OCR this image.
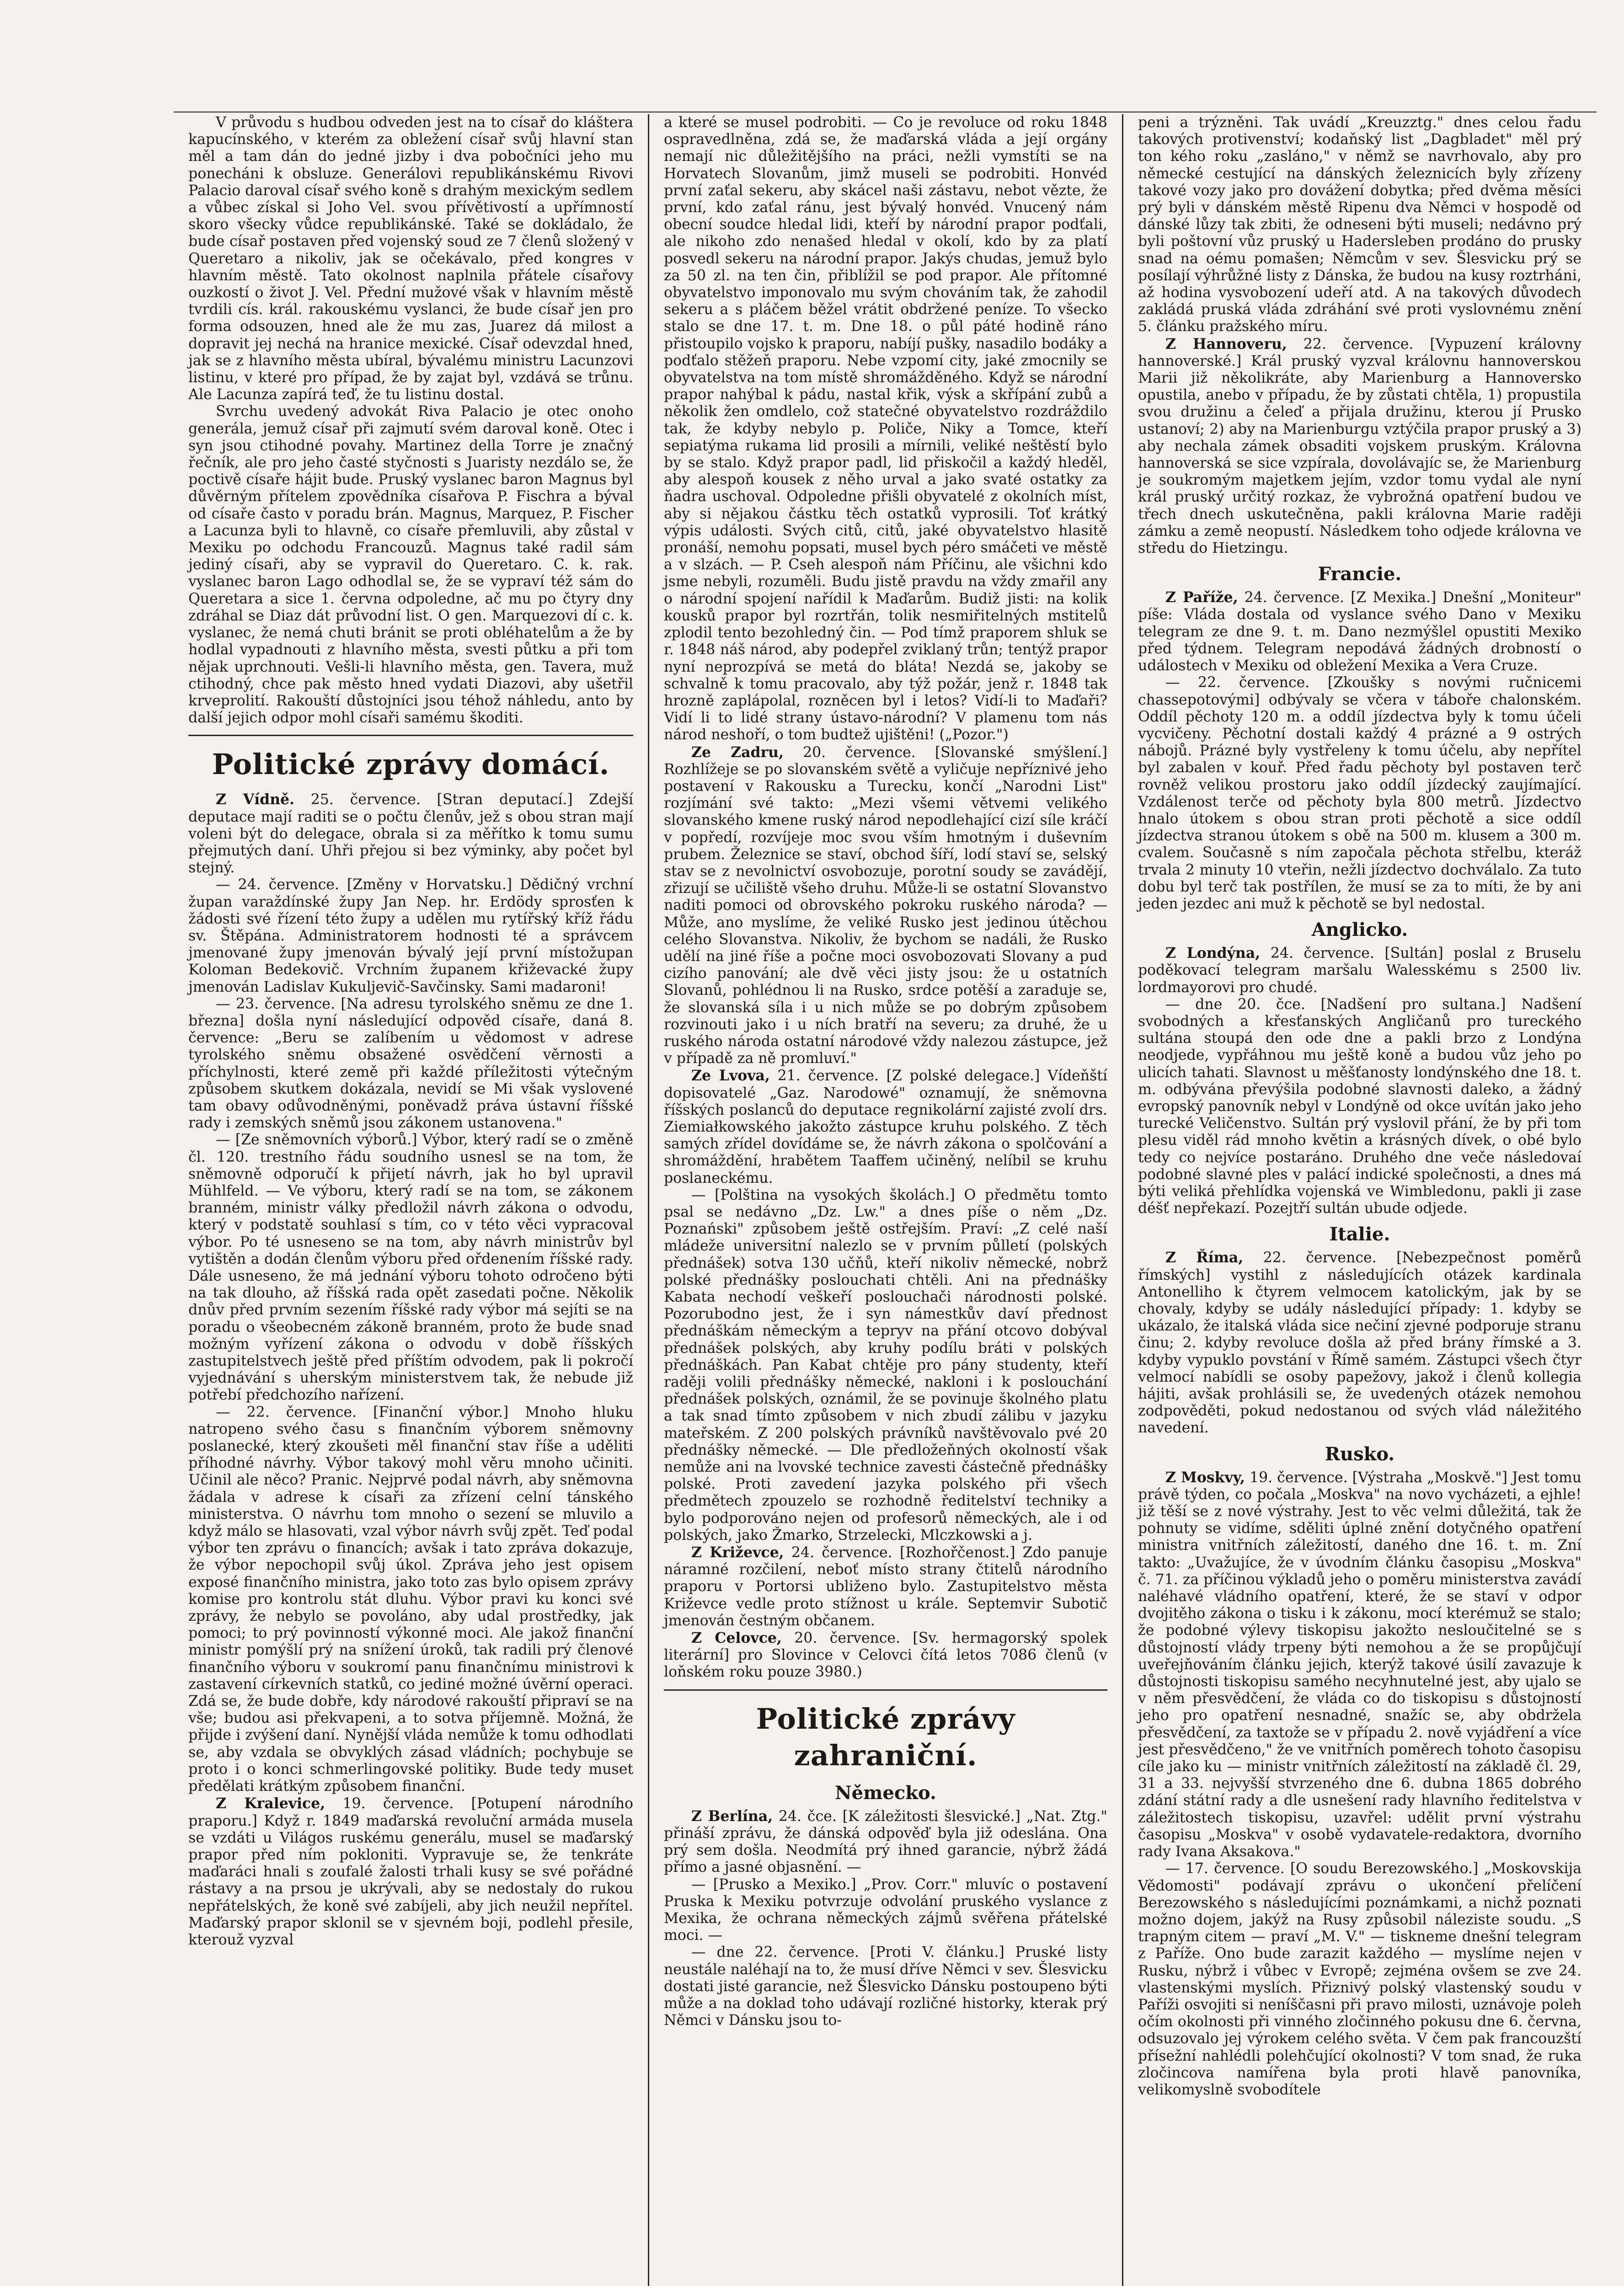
V průvodu s hudbou odveden jest na to císař do kláštera kapucínského, v kterém za obležení císař svůj hlavní stan měl a tam dán do jedné jizby i dva pobočníci jeho mu ponecháni k obsluze. Generálovi republikánskému Rivovi Palacio daroval císař svého koně s drahým mexickým sedlem a vůbec získal si Joho Vel. svou přívětivostí a upřímností skoro všecky vůdce republikánské. Také se dokládalo, že bude císař postaven před vojenský soud ze 7 členů složený v Queretaro a nikoliv, jak se očekávalo, před kongres v hlavním městě. Tato okolnost naplnila přátele císařovy ouzkostí o život J. Vel. Přední mužové však v hlavním městě tvrdili cís. král. rakouskému vyslanci, že bude císař jen pro forma odsouzen, hned ale že mu zas, Juarez dá milost a dopravit jej nechá na hranice mexické. Císař odevzdal hned, jak se z hlavního města ubíral, bývalému ministru Lacunzovi listinu, v které pro případ, že by zajat byl, vzdává se trůnu. Ale Lacunza zapírá teď, že tu listinu dostal.

Svrchu uvedený advokát Riva Palacio je otec onoho generála, jemuž císař při zajmutí svém daroval koně. Otec i syn jsou ctihodné povahy. Martinez della Torre je značný řečník, ale pro jeho časté styčnosti s Juaristy nezdálo se, že poctivě císaře hájit bude. Pruský vyslanec baron Magnus byl důvěrným přítelem zpovědníka císařova P. Fischra a býval od císaře často v poradu brán. Magnus, Marquez, P. Fischer a Lacunza byli to hlavně, co císaře přemluvili, aby zůstal v Mexiku po odchodu Francouzů. Magnus také radil sám jediný císaři, aby se vypravil do Queretaro. C. k. rak. vyslanec baron Lago odhodlal se, že se vypraví též sám do Queretara a sice 1. června odpoledne, ač mu po čtyry dny zdráhal se Diaz dát průvodní list. O gen. Marquezovi dí c. k. vyslanec, že nemá chuti bránit se proti obléhatelům a že by hodlal vypadnouti z hlavního města, svesti půtku a při tom nějak uprchnouti. Vešli-li hlavního města, gen. Tavera, muž ctihodný, chce pak město hned vydati Diazovi, aby ušetřil krveprolití. Rakouští důstojníci jsou téhož náhledu, anto by další jejich odpor mohl císaři samému škoditi.

Politické zprávy domácí.

Z Vídně. 25. července. [Stran deputací.] Zdejší deputace mají raditi se o počtu členův, jež s obou stran mají voleni být do delegace, obrala si za měřítko k tomu sumu přejmutých daní. Uhři přejou si bez výminky, aby počet byl stejný.

— 24. července. [Změny v Horvatsku.] Dědičný vrchní župan varaždínské župy Jan Nep. hr. Erdödy sprosťen k žádosti své řízení této župy a udělen mu rytířský kříž řádu sv. Štěpána. Administratorem hodnosti té a správcem jmenované župy jmenován bývalý její první místožupan Koloman Bedekovič. Vrchním županem křiževacké župy jmenován Ladislav Kukuljevič-Savčinsky. Sami madaroni!

— 23. července. [Na adresu tyrolského sněmu ze dne 1. března] došla nyní následující odpověd císaře, daná 8. července: „Beru se zalíbením u vědomost v adrese tyrolského sněmu obsažené osvědčení věrnosti a příchylnosti, které země při každé příležitosti výtečným způsobem skutkem dokázala, nevidí se Mi však vyslovené tam obavy odůvodněnými, poněvadž práva ústavní říšské rady i zemských sněmů jsou zákonem ustanovena."

— [Ze sněmovních výborů.] Výbor, který radí se o změně čl. 120. trestního řádu soudního usnesl se na tom, že sněmovně odporučí k přijetí návrh, jak ho byl upravil Mühlfeld. — Ve výboru, který radí se na tom, se zákonem branném, ministr války předložil návrh zákona o odvodu, který v podstatě souhlasí s tím, co v této věci vypracoval výbor. Po té usneseno se na tom, aby návrh ministrův byl vytištěn a dodán členům výboru před ořdenením říšské rady. Dále usneseno, že má jednání výboru tohoto odročeno býti na tak dlouho, až říšská rada opět zasedati počne. Několik dnův před prvním sezením říšské rady výbor má sejíti se na poradu o všeobecném zákoně branném, proto že bude snad možným vyřízení zákona o odvodu v době říšských zastupitelstvech ještě před příštím odvodem, pak li pokročí vyjednávání s uherským ministerstvem tak, že nebude již potřebí předchozího nařízení.

— 22. července. [Finanční výbor.] Mnoho hluku natropeno svého času s finančním výborem sněmovny poslanecké, který zkoušeti měl finanční stav říše a uděliti příhodné návrhy. Výbor takový mohl věru mnoho učiniti. Učinil ale něco? Pranic. Nejprvé podal návrh, aby sněmovna žádala v adrese k císaři za zřízení celní tánského ministerstva. O návrhu tom mnoho o sezení se mluvilo a když málo se hlasovati, vzal výbor návrh svůj zpět. Teď podal výbor ten zprávu o financích; avšak i tato zpráva dokazuje, že výbor nepochopil svůj úkol. Zpráva jeho jest opisem exposé finančního ministra, jako toto zas bylo opisem zprávy komise pro kontrolu stát dluhu. Výbor pravi ku konci své zprávy, že nebylo se povoláno, aby udal prostředky, jak pomoci; to prý povinností výkonné moci. Ale jakož finanční ministr pomýšlí prý na snížení úroků, tak radili prý členové finančního výboru v soukromí panu finančnímu ministrovi k zastavení církevních statků, co jediné možné úvěrní operaci. Zdá se, že bude dobře, kdy národové rakouští připraví se na vše; budou asi překvapeni, a to sotva příjemně. Možná, že přijde i zvýšení daní. Nynější vláda nemůže k tomu odhodlati se, aby vzdala se obvyklých zásad vládních; pochybuje se proto i o konci schmerlingovské politiky. Bude tedy muset předělati krátkým způsobem finanční.

Z Kralevice, 19. července. [Potupení národního praporu.] Když r. 1849 maďarská revoluční armáda musela se vzdáti u Világos ruskému generálu, musel se maďarský prapor před ním pokloniti. Vypravuje se, že tenkráte maďaráci hnali s zoufalé žalosti trhali kusy se své pořádné rástavy a na prsou je ukrývali, aby se nedostaly do rukou nepřátelských, že koně své zabíjeli, aby jich neužil nepřítel. Maďarský prapor sklonil se v sjevném boji, podlehl přesile, kterouž vyzval

a které se musel podrobiti. — Co je revoluce od roku 1848 ospravedlněna, zdá se, že maďarská vláda a její orgány nemají nic důležitějšího na práci, nežli vymstíti se na Horvatech Slovanům, jimž museli se podrobiti. Honvéd první zaťal sekeru, aby skácel naši zástavu, nebot vězte, že první, kdo zaťal ránu, jest bývalý honvéd. Vnucený nám obecní soudce hledal lidi, kteří by národní prapor podťali, ale nikoho zdo nenašed hledal v okolí, kdo by za platí posvedl sekeru na národní prapor. Jakýs chudas, jemuž bylo za 50 zl. na ten čin, přiblížil se pod prapor. Ale přítomné obyvatelstvo imponovalo mu svým chováním tak, že zahodil sekeru a s pláčem běžel vrátit obdržené peníze. To všecko stalo se dne 17. t. m. Dne 18. o půl páté hodině ráno přistoupilo vojsko k praporu, nabíjí pušky, nasadilo bodáky a podťalo stěžeň praporu. Nebe vzpomí city, jaké zmocnily se obyvatelstva na tom místě shromážděného. Když se národní prapor nahýbal k pádu, nastal křik, výsk a skřípání zubů a několik žen omdlelo, což statečné obyvatelstvo rozdráždilo tak, že kdyby nebylo p. Poliče, Niky a Tomce, kteří sepiatýma rukama lid prosili a mírnili, veliké neštěstí bylo by se stalo. Když prapor padl, lid přiskočil a každý hleděl, aby alespoň kousek z něho urval a jako svaté ostatky za ňadra uschoval. Odpoledne přišli obyvatelé z okolních míst, aby si nějakou částku těch ostatků vyprosili. Toť krátký výpis události. Svých citů, citů, jaké obyvatelstvo hlasitě pronáší, nemohu popsati, musel bych péro smáčeti ve městě a v slzách. — P. Cseh alespoň nám Příčinu, ale všichni kdo jsme nebyli, rozuměli. Budu jistě pravdu na vždy zmařil any o národní spojení nařídil k Maďarům. Budiž jisti: na kolik kousků prapor byl rozrtřán, tolik nesmiřitelných mstitelů zplodil tento bezohledný čin. — Pod tímž praporem shluk se r. 1848 náš národ, aby podepřel zviklaný trůn; tentýž prapor nyní neprozpívá se metá do bláta! Nezdá se, jakoby se schvalně k tomu pracovalo, aby týž požár, jenž r. 1848 tak hrozně zaplápolal, rozněcen byl i letos? Vidí-li to Maďaři? Vidí li to lidé strany ústavo-národní? V plamenu tom nás národ neshoří, o tom budtež ujištěni! („Pozor.")

Ze Zadru, 20. července. [Slovanské smýšlení.] Rozhlížeje se po slovanském světě a vyličuje nepříznivé jeho postavení v Rakousku a Turecku, končí „Narodni List" rozjímání své takto: „Mezi všemi větvemi velikého slovanského kmene ruský národ nepodlehající cizí síle kráčí v popředí, rozvíjeje moc svou vším hmotným i duševním prubem. Železnice se staví, obchod šíří, lodí staví se, selský stav se z nevolnictví osvobozuje, porotní soudy se zavádějí, zřizují se učiliště všeho druhu. Může-li se ostatní Slovanstvo naditi pomoci od obrovského pokroku ruského národa? — Může, ano myslíme, že veliké Rusko jest jedinou útěchou celého Slovanstva. Nikoliv, že bychom se nadáli, že Rusko udělí na jiné říše a počne moci osvobozovati Slovany a pud cizího panování; ale dvě věci jisty jsou: že u ostatních Slovanů, pohlédnou li na Rusko, srdce potěší a zaraduje se, že slovanská síla i u nich může se po dobrým způsobem rozvinouti jako i u ních bratří na severu; za druhé, že u ruského národa ostatní národové vždy nalezou zástupce, jež v případě za ně promluví."

Ze Lvova, 21. července. [Z polské delegace.] Vídeňští dopisovatelé „Gaz. Narodowé" oznamují, že sněmovna říšských poslanců do deputace regnikolární zajisté zvolí drs. Ziemiałkowského jakožto zástupce kruhu polského. Z těch samých zřídel dovídáme se, že návrh zákona o spolčování a shromáždění, hrabětem Taaffem učiněný, nelíbil se kruhu poslaneckému.

— [Polština na vysokých školách.] O předmětu tomto psal se nedávno „Dz. Lw." a dnes píše o něm „Dz. Poznański" způsobem ještě ostřejším. Praví: „Z celé naší mládeže universitní nalezlo se v prvním půlletí (polských přednášek) sotva 130 učňů, kteří nikoliv německé, nobrž polské přednášky poslouchati chtěli. Ani na přednášky Kabata nechodí veškeří poslouchači národnosti polské. Pozorubodno jest, že i syn námestkův daví přednost přednáškám německým a tepryv na přání otcovo dobýval přednášek polských, aby kruhy podílu bráti v polských přednáškách. Pan Kabat chtěje pro pány studenty, kteří raději volili přednášky německé, nakloni i k poslouchání přednášek polských, oznámil, že se povinuje školného platu a tak snad tímto způsobem v nich zbudí zálibu v jazyku mateřském. Z 200 polských právníků navštěvovalo pvé 20 přednášky německé. — Dle předložeňných okolností však nemůže ani na lvovské technice zavesti částečně přednášky polské. Proti zavedení jazyka polského při všech předmětech zpouzelo se rozhodně ředitelství techniky a bylo podporováno nejen od profesorů německých, ale i od polských, jako Žmarko, Strzelecki, Mlczkowski a j.

Z Križevce, 24. července. [Rozhořčenost.] Zdo panuje náramné rozčilení, neboť místo strany čtitelů národního praporu v Portorsi ubliženo bylo. Zastupitelstvo města Križevce vedle proto stížnost u krále. Septemvir Subotič jmenován čestným občanem.

Z Celovce, 20. července. [Sv. hermagorský spolek literární] pro Slovince v Celovci čítá letos 7086 členů (v loňském roku pouze 3980.)

Politické zprávy zahraniční.
Německo.

Z Berlína, 24. čce. [K záležitosti šlesvické.] „Nat. Ztg." přináší zprávu, že dánská odpověď byla již odeslána. Ona prý sem došla. Neodmítá prý ihned garancie, nýbrž žádá přímo a jasné objasnění. —

— [Prusko a Mexiko.] „Prov. Corr." mluvíc o postavení Pruska k Mexiku potvrzuje odvolání pruského vyslance z Mexika, že ochrana německých zájmů svěřena přátelské moci. —

— dne 22. července. [Proti V. článku.] Pruské listy neustále naléhají na to, že musí dříve Němci v sev. Šlesvicku dostati jisté garancie, než Šlesvicko Dánsku postoupeno býti může a na doklad toho udávají rozličné historky, kterak prý Němci v Dánsku jsou to-

peni a trýzněni. Tak uvádí „Kreuzztg." dnes celou řadu takových protivenství; kodaňský list „Dagbladet" měl prý ton kého roku „zasláno," v němž se navrhovalo, aby pro německé cestující na dánských železnicích byly zřízeny takové vozy jako pro dovážení dobytka; před dvěma měsíci prý byli v dánském městě Ripenu dva Němci v hospodě od dánské lůzy tak zbiti, že odneseni býti museli; nedávno prý byli poštovní vůz pruský u Hadersleben prodáno do prusky snad na oému pomašen; Němcům v sev. Šlesvicku prý se posílají výhrůžné listy z Dánska, že budou na kusy roztrháni, až hodina vysvobození udeří atd. A na takových důvodech zakládá pruská vláda zdráhání své proti vyslovnému znění 5. článku pražského míru.

Z Hannoveru, 22. července. [Vypuzení královny hannoverské.] Král pruský vyzval královnu hannoverskou Marii již několikráte, aby Marienburg a Hannoversko opustila, anebo v případu, že by zůstati chtěla, 1) propustila svou družinu a čeleď a přijala družinu, kterou jí Prusko ustanoví; 2) aby na Marienburgu vztýčila prapor pruský a 3) aby nechala zámek obsaditi vojskem pruským. Královna hannoverská se sice vzpírala, dovolávajíc se, že Marienburg je soukromým majetkem jejím, vzdor tomu vydal ale nyní král pruský určitý rozkaz, že vybrožná opatření budou ve třech dnech uskutečněna, pakli královna Marie raději zámku a země neopustí. Následkem toho odjede královna ve středu do Hietzingu.

Francie.

Z Paříže, 24. července. [Z Mexika.] Dnešní „Moniteur" píše: Vláda dostala od vyslance svého Dano v Mexiku telegram ze dne 9. t. m. Dano nezmýšlel opustiti Mexiko před týdnem. Telegram nepodává žádných drobností o událostech v Mexiku od obležení Mexika a Vera Cruze.

— 22. července. [Zkoušky s novými ručnicemi chassepotovými] odbývaly se včera v táboře chalonském. Oddíl pěchoty 120 m. a oddíl jízdectva byly k tomu účeli vycvičeny. Pěchotní dostali každý 4 prázné a 9 ostrých nábojů. Prázné byly vystřeleny k tomu účelu, aby nepřítel byl zabalen v kouř. Před řadu pěchoty byl postaven terč rovněž velikou prostoru jako oddíl jízdecký zaujímající. Vzdálenost terče od pěchoty byla 800 metrů. Jízdectvo hnalo útokem s obou stran proti pěchotě a sice oddíl jízdectva stranou útokem s obě na 500 m. klusem a 300 m. cvalem. Současně s ním započala pěchota střelbu, kteráž trvala 2 minuty 10 vteřin, nežli jízdectvo dochválalo. Za tuto dobu byl terč tak postřílen, že musí se za to míti, že by ani jeden jezdec ani muž k pěchotě se byl nedostal.

Anglicko.

Z Londýna, 24. července. [Sultán] poslal z Bruselu poděkovací telegram maršalu Walesskému s 2500 liv. lordmayorovi pro chudé.

— dne 20. čce. [Nadšení pro sultana.] Nadšení svobodných a křesťanských Angličanů pro tureckého sultána stoupá den ode dne a pakli brzo z Londýna neodjede, vypřáhnou mu ještě koně a budou vůz jeho po ulicích tahati. Slavnost u měšťanosty londýnského dne 18. t. m. odbývána převýšila podobné slavnosti daleko, a žádný evropský panovník nebyl v Londýně od okce uvítán jako jeho turecké Veličenstvo. Sultán prý vyslovil přání, že by při tom plesu viděl rád mnoho květin a krásných dívek, o obé bylo tedy co nejvíce postaráno. Druhého dne veče následovaí podobné slavné ples v palácí indické společnosti, a dnes má býti veliká přehlídka vojenská ve Wimbledonu, pakli ji zase déšť nepřekazí. Pozejtří sultán ubude odjede.

Italie.

Z Říma, 22. července. [Nebezpečnost poměrů římských] vystihl z následujících otázek kardinala Antonelliho k čtyrem velmocem katolickým, jak by se chovaly, kdyby se udály následující případy: 1. kdyby se ukázalo, že italská vláda sice nečiní zjevné podporuje stranu činu; 2. kdyby revoluce došla až před brány římské a 3. kdyby vypuklo povstání v Římě samém. Zástupci všech čtyr velmocí nabídli se osoby papežovy, jakož i členů kollegia hájiti, avšak prohlásili se, že uvedených otázek nemohou zodpověděti, pokud nedostanou od svých vlád náležitého navedení.

Rusko.

Z Moskvy, 19. července. [Výstraha „Moskvě."] Jest tomu právě týden, co počala „Moskva" na novo vycházeti, a ejhle! již těší se z nové výstrahy. Jest to věc velmi důležitá, tak že pohnuty se vidíme, sděliti úplné znění dotyčného opatření ministra vnitřních záležitostí, daného dne 16. t. m. Zní takto: „Uvažujíce, že v úvodním článku časopisu „Moskva" č. 71. za příčinou výkladů jeho o poměru ministerstva zavádí naléhavé vládního opatření, které, že se staví v odpor dvojitěho zákona o tisku i k zákonu, mocí kterémuž se stalo; že podobné výlevy tiskopisu jakožto nesloučitelné se s důstojností vlády trpeny býti nemohou a že se propůjčují uveřejňováním článku jejich, kterýž takové úsilí zavazuje k důstojnosti tiskopisu samého necyhnutelné jest, aby ujalo se v něm přesvědčení, že vláda co do tiskopisu s důstojností jeho pro opatření nesnadné, snažíc se, aby obdržela přesvědčení, za taxtože se v případu 2. nově vyjádření a více jest přesvědčeno," že ve vnitřních poměrech tohoto časopisu cíle jako ku — ministr vnitřních záležitostí na základě čl. 29, 31 a 33. nejvyšší stvrzeného dne 6. dubna 1865 dobrého zdání státní rady a dle usnešení rady hlavního ředitelstva v záležitostech tiskopisu, uzavřel: udělit první výstrahu časopisu „Moskva" v osobě vydavatele-redaktora, dvorního rady Ivana Aksakova."

— 17. července. [O soudu Berezowského.] „Moskovskija Vědomosti" podávají zprávu o ukončení přelíčení Berezowského s následujícími poznámkami, a nichž poznati možno dojem, jakýž na Rusy způsobil náleziste soudu. „S trapným citem — praví „M. V." — tiskneme dnešní telegram z Paříže. Ono bude zarazit každého — myslíme nejen v Rusku, nýbrž i vůbec v Evropě; zejména ovšem se zve 24. vlastenskými myslích. Přiznivý polský vlastenský soudu v Paříži osvojiti si neníščasni při pravo milosti, uznávoje poleh očím okolnosti při vinného zločinného pokusu dne 6. června, odsuzovalo jej výrokem celého světa. V čem pak francouzští přísežní nahlédli polehčující okolnosti? V tom snad, že ruka zločincova namířena byla proti hlavě panovníka, velikomyslně svobodítele
